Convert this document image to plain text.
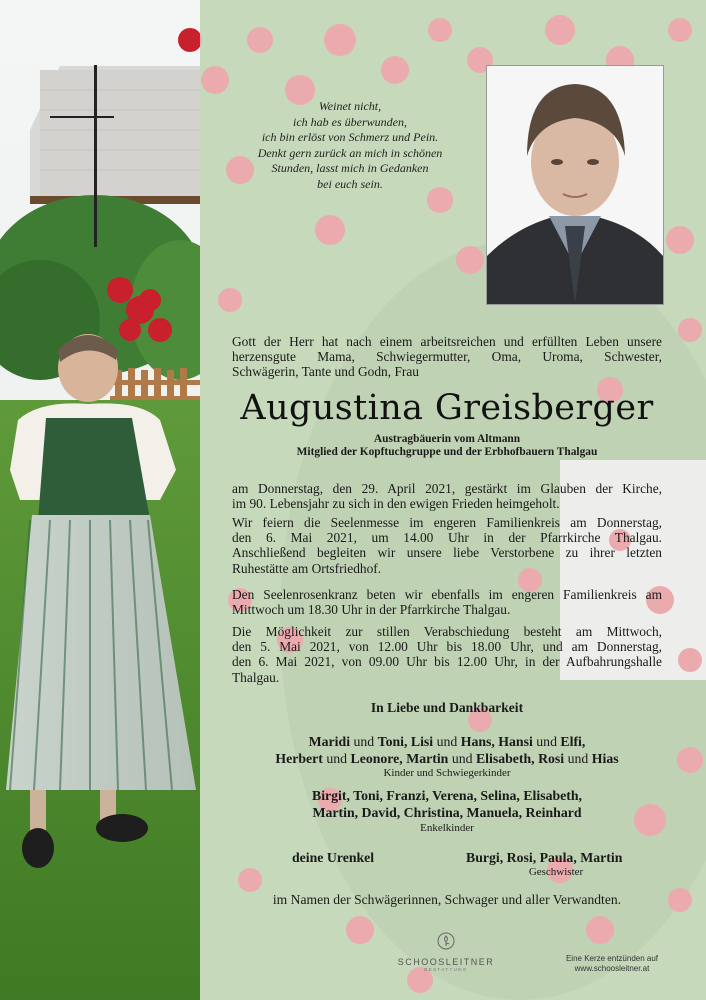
Weinet nicht,
ich hab es überwunden,
ich bin erlöst von Schmerz und Pein.
Denkt gern zurück an mich in schönen
Stunden, lasst mich in Gedanken
bei euch sein.
Gott der Herr hat nach einem arbeitsreichen und erfüllten Leben unsere
herzensgute Mama, Schwiegermutter, Oma, Uroma, Schwester,
Schwägerin, Tante und Godn, Frau
Augustina Greisberger
Austragbäuerin vom Altmann
Mitglied der Kopftuchgruppe und der Erbhofbauern Thalgau
am Donnerstag, den 29. April 2021, gestärkt im Glauben der Kirche,
im 90. Lebensjahr zu sich in den ewigen Frieden heimgeholt.
Wir feiern die Seelenmesse im engeren Familienkreis am Donnerstag,
den 6. Mai 2021, um 14.00 Uhr in der Pfarrkirche Thalgau.
Anschließend begleiten wir unsere liebe Verstorbene zu ihrer letzten
Ruhestätte am Ortsfriedhof.
Den Seelenrosenkranz beten wir ebenfalls im engeren Familienkreis am
Mittwoch um 18.30 Uhr in der Pfarrkirche Thalgau.
Die Möglichkeit zur stillen Verabschiedung besteht am Mittwoch,
den 5. Mai 2021, von 12.00 Uhr bis 18.00 Uhr, und am Donnerstag,
den 6. Mai 2021, von 09.00 Uhr bis 12.00 Uhr, in der Aufbahrungshalle
Thalgau.
In Liebe und Dankbarkeit
Maridi und Toni, Lisi und Hans, Hansi und Elfi,
Herbert und Leonore, Martin und Elisabeth, Rosi und Hias
Kinder und Schwiegerkinder
Birgit, Toni, Franzi, Verena, Selina, Elisabeth,
Martin, David, Christina, Manuela, Reinhard
Enkelkinder
deine Urenkel	Burgi, Rosi, Paula, Martin
Geschwister
im Namen der Schwägerinnen, Schwager und aller Verwandten.
SCHOOSLEITNER
BESTATTUNG
Eine Kerze entzünden auf
www.schoosleitner.at
